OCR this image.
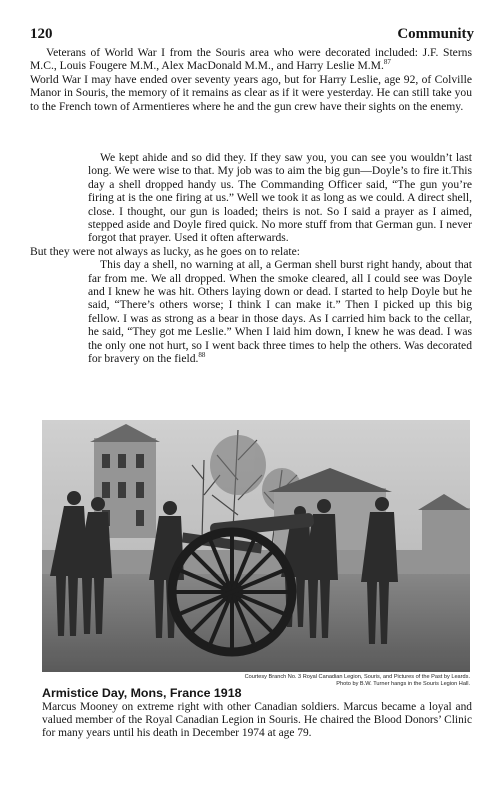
120	Community

Veterans of World War I from the Souris area who were decorated included: J.F. Sterns M.C., Louis Fougere M.M., Alex MacDonald M.M., and Harry Leslie M.M.$^{87}$

World War I may have ended over seventy years ago, but for Harry Leslie, age 92, of Colville Manor in Souris, the memory of it remains as clear as if it were yesterday. He can still take you to the French town of Armentieres where he and the gun crew have their sights on the enemy.

We kept ahide and so did they. If they saw you, you can see you wouldn’t last long. We were wise to that. My job was to aim the big gun—Doyle’s to fire it.This day a shell dropped handy us. The Commanding Officer said, “The gun you’re firing at is the one firing at us.” Well we took it as long as we could. A direct shell, close. I thought, our gun is loaded; theirs is not. So I said a prayer as I aimed, stepped aside and Doyle fired quick. No more stuff from that German gun. I never forgot that prayer. Used it often afterwards.

But they were not always as lucky, as he goes on to relate:

This day a shell, no warning at all, a German shell burst right handy, about that far from me. We all dropped. When the smoke cleared, all I could see was Doyle and I knew he was hit. Others laying down or dead. I started to help Doyle but he said, “There’s others worse; I think I can make it.” Then I picked up this big fellow. I was as strong as a bear in those days. As I carried him back to the cellar, he said, “They got me Leslie.” When I laid him down, I knew he was dead. I was the only one not hurt, so I went back three times to help the others. Was decorated for bravery on the field.$^{88}$

Courtesy Branch No. 3 Royal Canadian Legion, Souris, and Pictures of the Past by Leards.
Photo by B.W. Turner hangs in the Souris Legion Hall.
Armistice Day, Mons, France 1918
Marcus Mooney on extreme right with other Canadian soldiers. Marcus became a loyal and valued member of the Royal Canadian Legion in Souris. He chaired the Blood Donors’ Clinic for many years until his death in December 1974 at age 79.
